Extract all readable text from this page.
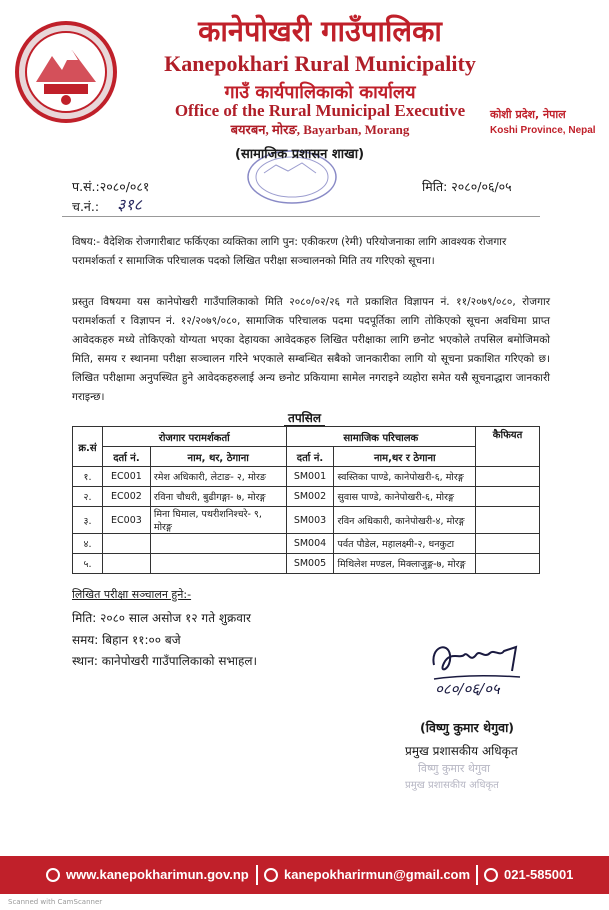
कानेपोखरी गाउँपालिका
Kanepokhari Rural Municipality
गाउँ कार्यपालिकाको कार्यालय
Office of the Rural Municipal Executive
बयरबन, मोरङ, Bayarban, Morang
कोशी प्रदेश, नेपाल
Koshi Province, Nepal
(सामाजिक प्रशासन शाखा)
प.सं.:२०८०/०८१
च.नं.: ३१८
मिति: २०८०/०६/०५
विषय:- वैदेशिक रोजगारीबाट फर्किएका व्यक्तिका लागि पुन: एकीकरण (रेमी) परियोजनाका लागि आवश्यक रोजगार परामर्शकर्ता र सामाजिक परिचालक पदको लिखित परीक्षा सञ्चालनको मिति तय गरिएको सूचना।
प्रस्तुत विषयमा यस कानेपोखरी गाउँपालिकाको मिति २०८०/०२/२६ गते प्रकाशित विज्ञापन नं. ११/२०७९/०८०, रोजगार परामर्शकर्ता र विज्ञापन नं. १२/२०७९/०८०, सामाजिक परिचालक पदमा पदपूर्तिका लागि तोकिएको सूचना अवधिमा प्राप्त आवेदकहरु मध्ये तोकिएको योग्यता भएका देहायका आवेदकहरु लिखित परीक्षाका लागि छनोट भएकोले तपसिल बमोजिमको मिति, समय र स्थानमा परीक्षा सञ्चालन गरिने भएकाले सम्बन्धित सबैको जानकारीका लागि यो सूचना प्रकाशित गरिएको छ। लिखित परीक्षामा अनुपस्थित हुने आवेदकहरुलाई अन्य छनोट प्रकियामा सामेल नगराइने व्यहोरा समेत यसै सूचनाद्धारा जानकारी गराइन्छ।
तपसिल
क्र.सं	रोजगार परामर्शकर्ता		सामाजिक परिचालक		कैफियत
	दर्ता नं.	नाम, थर, ठेगाना	दर्ता नं.	नाम,थर र ठेगाना	
१.	EC001	रमेश अधिकारी, लेटाङ- २, मोरङ	SM001	स्वस्तिका पाण्डे, कानेपोखरी-६, मोरङ्ग	
२.	EC002	रविना चौधरी, बुढीगङ्गा- ७, मोरङ्ग	SM002	सुवास पाण्डे, कानेपोखरी-६, मोरङ्ग	
३.	EC003	मिना घिमाल, पथरीशनिश्चरे- ९, मोरङ्ग	SM003	रविन अधिकारी, कानेपोखरी-४, मोरङ्ग	
४.			SM004	पर्वत पौडेल, महालक्ष्मी-२, धनकुटा	
५.			SM005	मिथिलेश मण्डल, मिक्लाजुङ्ग-७, मोरङ्ग	
लिखित परीक्षा सञ्चालन हुने:-
मिति: २०८० साल असोज १२ गते शुक्रवार
समय: बिहान ११:०० बजे
स्थान: कानेपोखरी गाउँपालिकाको सभाहल।
०८०/०६/०५
(विष्णु कुमार थेगुवा)
प्रमुख प्रशासकीय अधिकृत
विष्णु कुमार थेगुवा
प्रमुख प्रशासकीय अधिकृत
www.kanepokharimun.gov.np	kanepokharirmun@gmail.com	021-585001
Scanned with CamScanner
